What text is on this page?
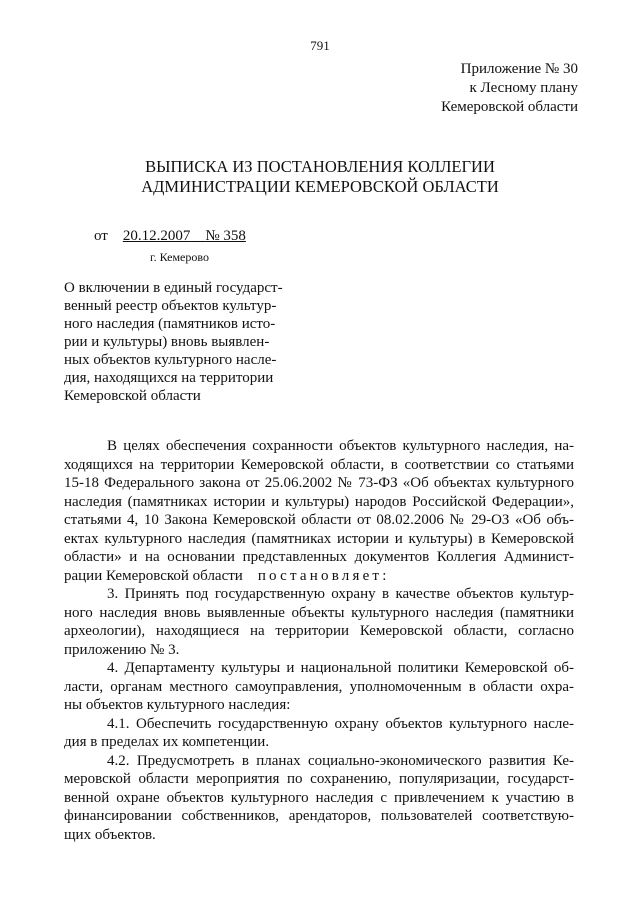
791
Приложение № 30
к Лесному плану
Кемеровской области
ВЫПИСКА ИЗ ПОСТАНОВЛЕНИЯ КОЛЛЕГИИ
АДМИНИСТРАЦИИ КЕМЕРОВСКОЙ ОБЛАСТИ
от 20.12.2007 № 358
г. Кемерово
О включении в единый государст-
венный реестр объектов культур-
ного наследия (памятников исто-
рии и культуры) вновь выявлен-
ных объектов культурного насле-
дия, находящихся на территории
Кемеровской области
В целях обеспечения сохранности объектов культурного наследия, на-
ходящихся на территории Кемеровской области, в соответствии со статьями
15-18 Федерального закона от 25.06.2002 № 73-ФЗ «Об объектах культурного
наследия (памятниках истории и культуры) народов Российской Федерации»,
статьями 4, 10 Закона Кемеровской области от 08.02.2006 № 29-ОЗ «Об объ-
ектах культурного наследия (памятниках истории и культуры) в Кемеровской
области» и на основании представленных документов Коллегия Админист-
рации Кемеровской области постановляет:
3. Принять под государственную охрану в качестве объектов культур-
ного наследия вновь выявленные объекты культурного наследия (памятники
археологии), находящиеся на территории Кемеровской области, согласно
приложению № 3.
4. Департаменту культуры и национальной политики Кемеровской об-
ласти, органам местного самоуправления, уполномоченным в области охра-
ны объектов культурного наследия:
4.1. Обеспечить государственную охрану объектов культурного насле-
дия в пределах их компетенции.
4.2. Предусмотреть в планах социально-экономического развития Ке-
меровской области мероприятия по сохранению, популяризации, государст-
венной охране объектов культурного наследия с привлечением к участию в
финансировании собственников, арендаторов, пользователей соответствую-
щих объектов.
